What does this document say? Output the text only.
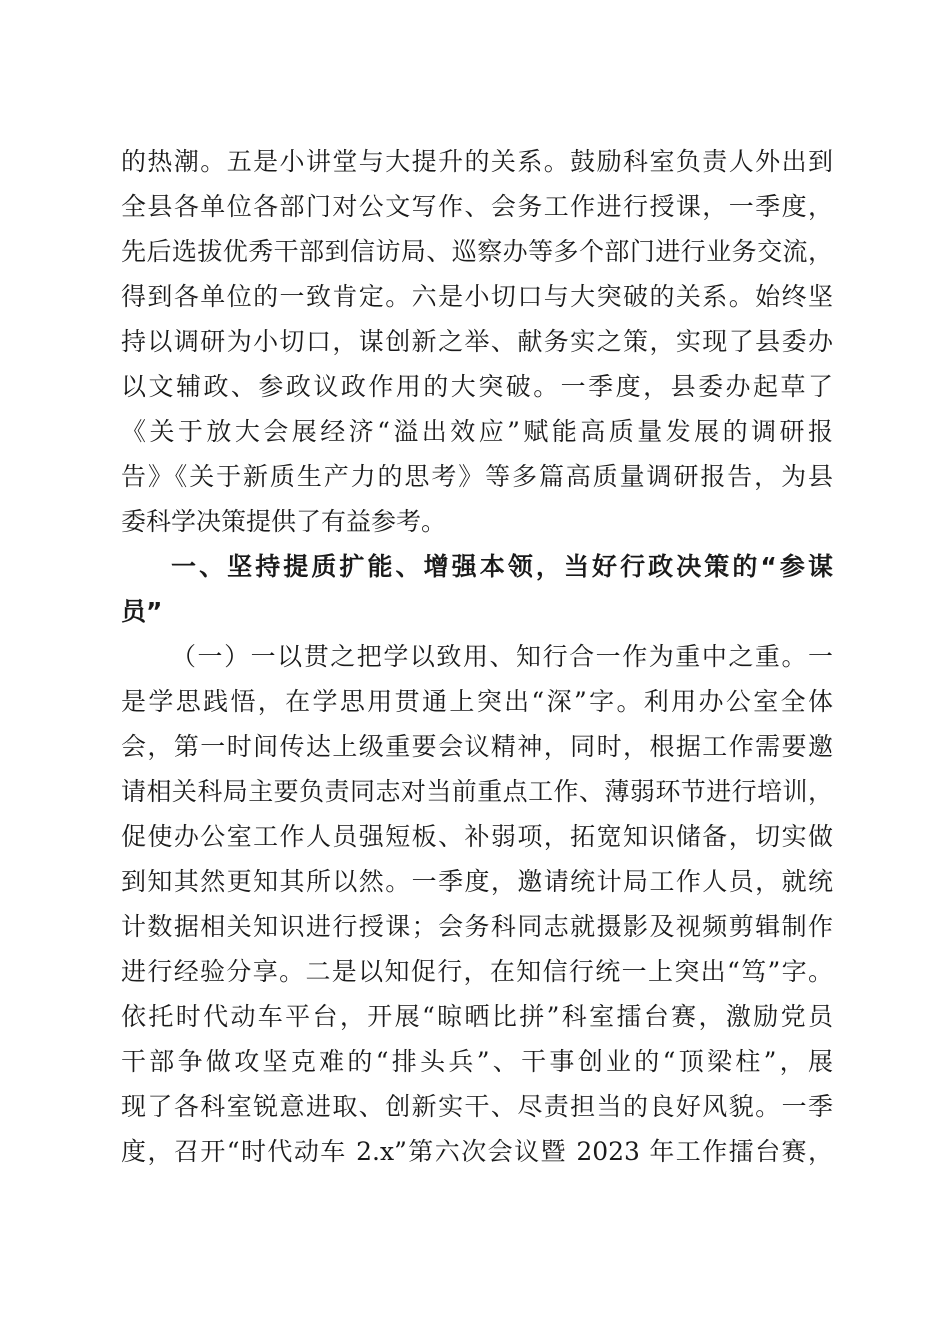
的热潮。五是小讲堂与大提升的关系。鼓励科室负责人外出到
全县各单位各部门对公文写作、会务工作进行授课，一季度，
先后选拔优秀干部到信访局、巡察办等多个部门进行业务交流，
得到各单位的一致肯定。六是小切口与大突破的关系。始终坚
持以调研为小切口，谋创新之举、献务实之策，实现了县委办
以文辅政、参政议政作用的大突破。一季度，县委办起草了
《关于放大会展经济“溢出效应”赋能高质量发展的调研报
告》《关于新质生产力的思考》等多篇高质量调研报告，为县
委科学决策提供了有益参考。
一、坚持提质扩能、增强本领，当好行政决策的“参谋
员”
（一）一以贯之把学以致用、知行合一作为重中之重。一
是学思践悟，在学思用贯通上突出“深”字。利用办公室全体
会，第一时间传达上级重要会议精神，同时，根据工作需要邀
请相关科局主要负责同志对当前重点工作、薄弱环节进行培训，
促使办公室工作人员强短板、补弱项，拓宽知识储备，切实做
到知其然更知其所以然。一季度，邀请统计局工作人员，就统
计数据相关知识进行授课；会务科同志就摄影及视频剪辑制作
进行经验分享。二是以知促行，在知信行统一上突出“笃”字。
依托时代动车平台，开展“晾晒比拼”科室擂台赛，激励党员
干部争做攻坚克难的“排头兵”、干事创业的“顶梁柱”，展
现了各科室锐意进取、创新实干、尽责担当的良好风貌。一季
度，召开“时代动车 2.x”第六次会议暨 2023 年工作擂台赛，
